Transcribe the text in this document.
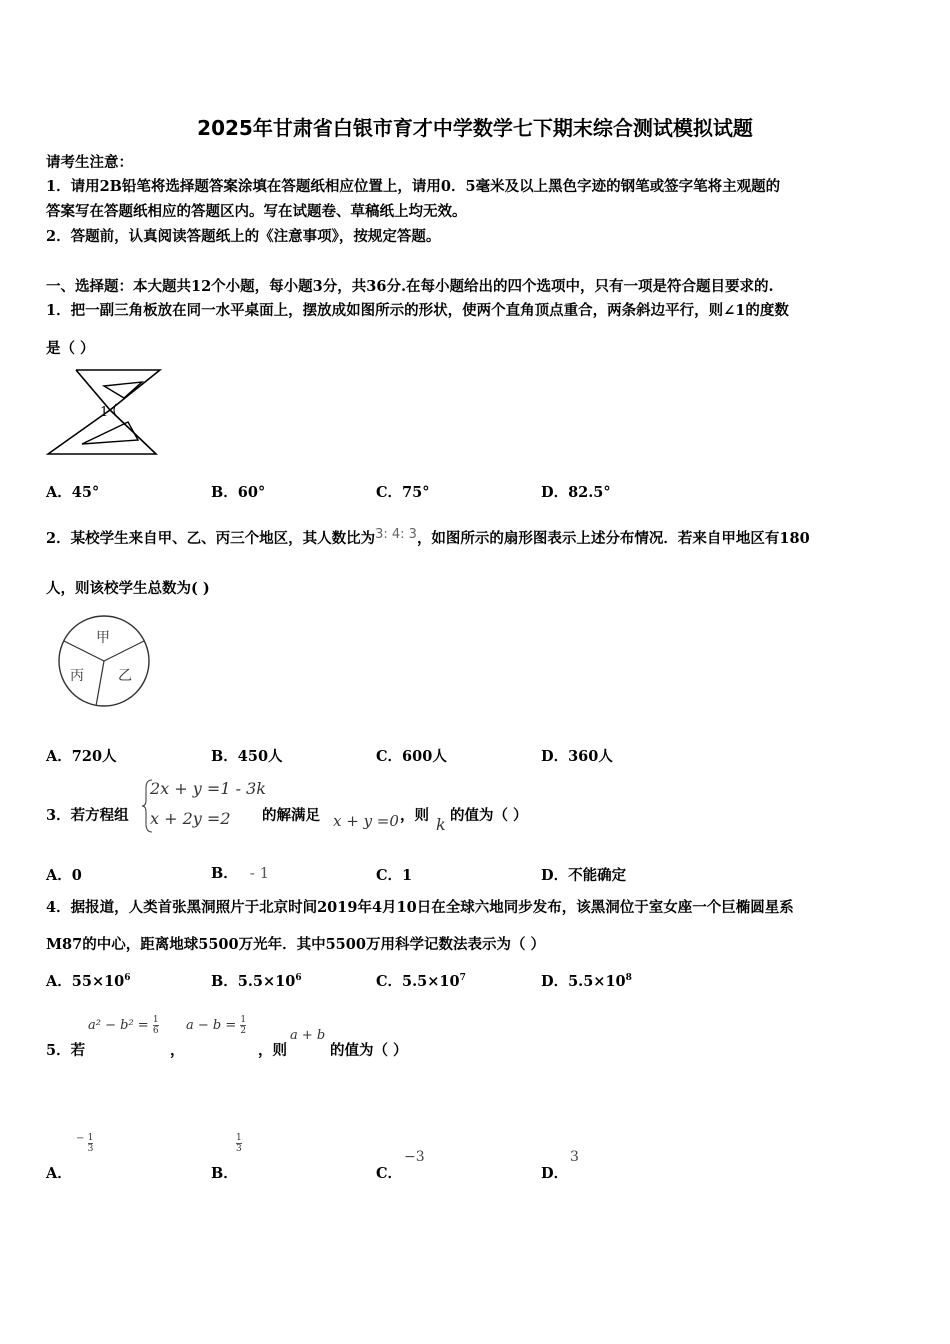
2025年甘肃省白银市育才中学数学七下期末综合测试模拟试题
请考生注意：
1．请用2B铅笔将选择题答案涂填在答题纸相应位置上，请用0．5毫米及以上黑色字迹的钢笔或签字笔将主观题的
答案写在答题纸相应的答题区内。写在试题卷、草稿纸上均无效。
2．答题前，认真阅读答题纸上的《注意事项》，按规定答题。
一、选择题：本大题共12个小题，每小题3分，共36分.在每小题给出的四个选项中，只有一项是符合题目要求的.
1．把一副三角板放在同一水平桌面上，摆放成如图所示的形状，使两个直角顶点重合，两条斜边平行，则∠1的度数
是（ ）
1
A．45°	B．60°	C．75°	D．82.5°
2．某校学生来自甲、乙、丙三个地区，其人数比为3: 4: 3，如图所示的扇形图表示上述分布情况．若来自甲地区有180
人，则该校学生总数为( )
甲
乙
丙
A．720人	B．450人	C．600人	D．360人
3．若方程组
2x + y =1 - 3k
x + 2y =2 的解满足 x + y =0 ，则 k 的值为（ ）
A．0	B． - 1	C．1	D．不能确定
4．据报道，人类首张黑洞照片于北京时间2019年4月10日在全球六地同步发布，该黑洞位于室女座一个巨椭圆星系
M87的中心，距离地球5500万光年．其中5500万用科学记数法表示为（ ）
A．$55\times 10^6$	B．$5.5\times 10^6$	C．$5.5\times 10^7$	D．$5.5\times 10^8$
$a^2 - b^2 = \frac{1}{6}$ $a - b = \frac{1}{2}$
5．若	，	，则
a + b
的值为（ ）
A．
− $\frac{1}{3}$
B．
$\frac{1}{3}$
C．
−3
D．
3
